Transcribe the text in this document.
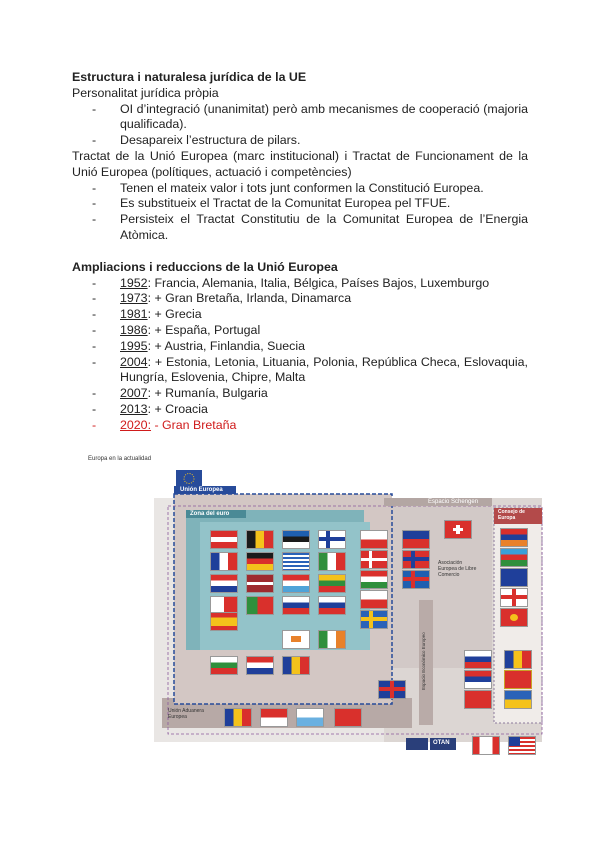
Estructura i naturalesa jurídica de la UE
Personalitat jurídica pròpia
- OI d’integració (unanimitat) però amb mecanismes de cooperació (majoria qualificada).
- Desapareix l’estructura de pilars.
Tractat de la Unió Europea (marc institucional) i Tractat de Funcionament de la Unió Europea (polítiques, actuació i competències)
- Tenen el mateix valor i tots junt conformen la Constitució Europea.
- Es substitueix el Tractat de la Comunitat Europea pel TFUE.
- Persisteix el Tractat Constitutiu de la Comunitat Europea de l’Energia Atòmica.
Ampliacions i reduccions de la Unió Europea
- 1952: Francia, Alemania, Italia, Bélgica, Países Bajos, Luxemburgo
- 1973: + Gran Bretaña, Irlanda, Dinamarca
- 1981: + Grecia
- 1986: + España, Portugal
- 1995: + Austria, Finlandia, Suecia
- 2004: + Estonia, Letonia, Lituania, Polonia, República Checa, Eslovaquia, Hungría, Eslovenia, Chipre, Malta
- 2007: + Rumanía, Bulgaria
- 2013: + Croacia
- 2020: - Gran Bretaña
Europa en la actualidad
Unión Europea
Zona del euro
Espacio Schengen
Consejo de Europa
Unión Aduanera Europea
Asociación Europea de Libre Comercio
Espacio Económico Europeo
OTAN
